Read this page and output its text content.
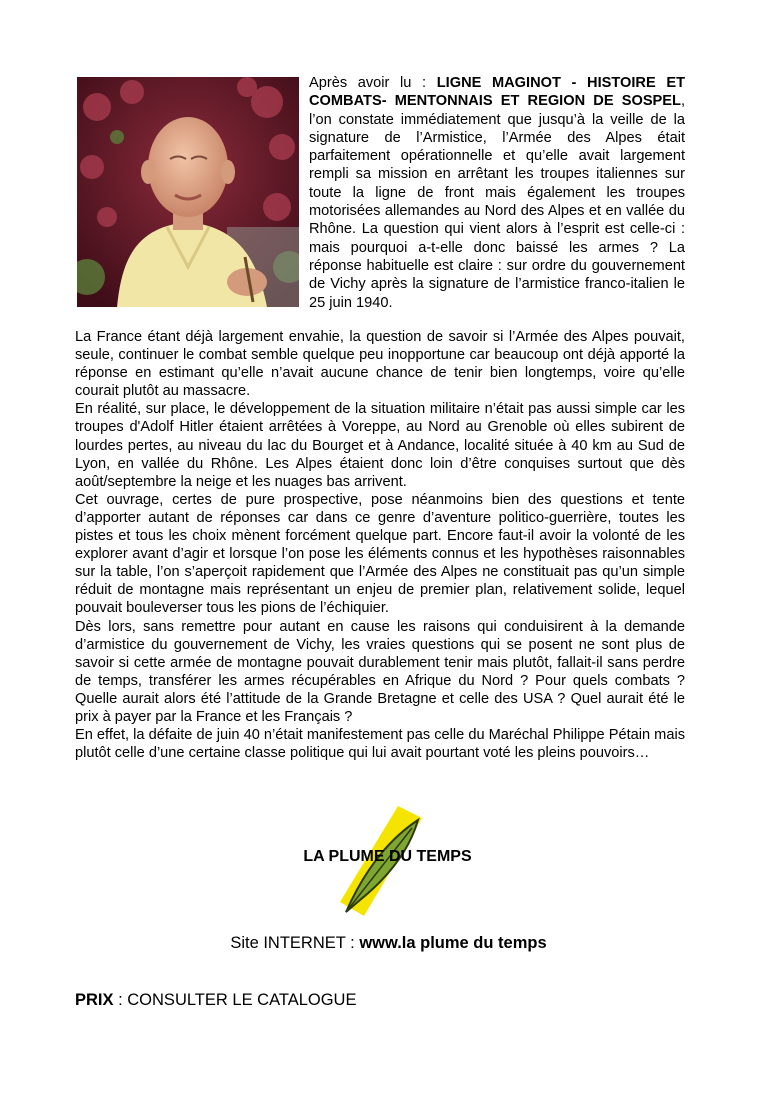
Après avoir lu : LIGNE MAGINOT - HISTOIRE ET COMBATS- MENTONNAIS ET REGION DE SOSPEL, l’on constate immédiatement que jusqu’à la veille de la signature de l’Armistice, l’Armée des Alpes était parfaitement opérationnelle et qu’elle avait largement rempli sa mission en arrêtant les troupes italiennes sur toute la ligne de front mais également les troupes motorisées allemandes au Nord des Alpes et en vallée du Rhône. La question qui vient alors à l’esprit est celle-ci : mais pourquoi a-t-elle donc baissé les armes ? La réponse habituelle est claire : sur ordre du gouvernement de Vichy après la signature de l’armistice franco-italien le 25 juin 1940.

La France étant déjà largement envahie, la question de savoir si l’Armée des Alpes pouvait, seule, continuer le combat semble quelque peu inopportune car beaucoup ont déjà apporté la réponse en estimant qu’elle n’avait aucune chance de tenir bien longtemps, voire qu’elle courait plutôt au massacre.

En réalité, sur place, le développement de la situation militaire n’était pas aussi simple car les troupes d'Adolf Hitler étaient arrêtées à Voreppe, au Nord au Grenoble où elles subirent de lourdes pertes, au niveau du lac du Bourget et à Andance, localité située à 40 km au Sud de Lyon, en vallée du Rhône. Les Alpes étaient donc loin d’être conquises surtout que dès août/septembre la neige et les nuages bas arrivent.

Cet ouvrage, certes de pure prospective, pose néanmoins bien des questions et tente d’apporter autant de réponses car dans ce genre d’aventure politico-guerrière, toutes les pistes et tous les choix mènent forcément quelque part. Encore faut-il avoir la volonté de les explorer avant d’agir et lorsque l’on pose les éléments connus et les hypothèses raisonnables sur la table, l’on s’aperçoit rapidement que l’Armée des Alpes ne constituait pas qu’un simple réduit de montagne mais représentant un enjeu de premier plan, relativement solide, lequel pouvait bouleverser tous les pions de l’échiquier.

Dès lors, sans remettre pour autant en cause les raisons qui conduisirent à la demande d’armistice du gouvernement de Vichy, les vraies questions qui se posent ne sont plus de savoir si cette armée de montagne pouvait durablement tenir mais plutôt, fallait-il sans perdre de temps, transférer les armes récupérables en Afrique du Nord ? Pour quels combats ? Quelle aurait alors été l’attitude de la Grande Bretagne et celle des USA ? Quel aurait été le prix à payer par la France et les Français ?

En effet, la défaite de juin 40 n’était manifestement pas celle du Maréchal Philippe Pétain mais plutôt celle d’une certaine classe politique qui lui avait pourtant voté les pleins pouvoirs…

LA PLUME DU TEMPS
Site INTERNET : www.la plume du temps
PRIX : CONSULTER LE CATALOGUE
